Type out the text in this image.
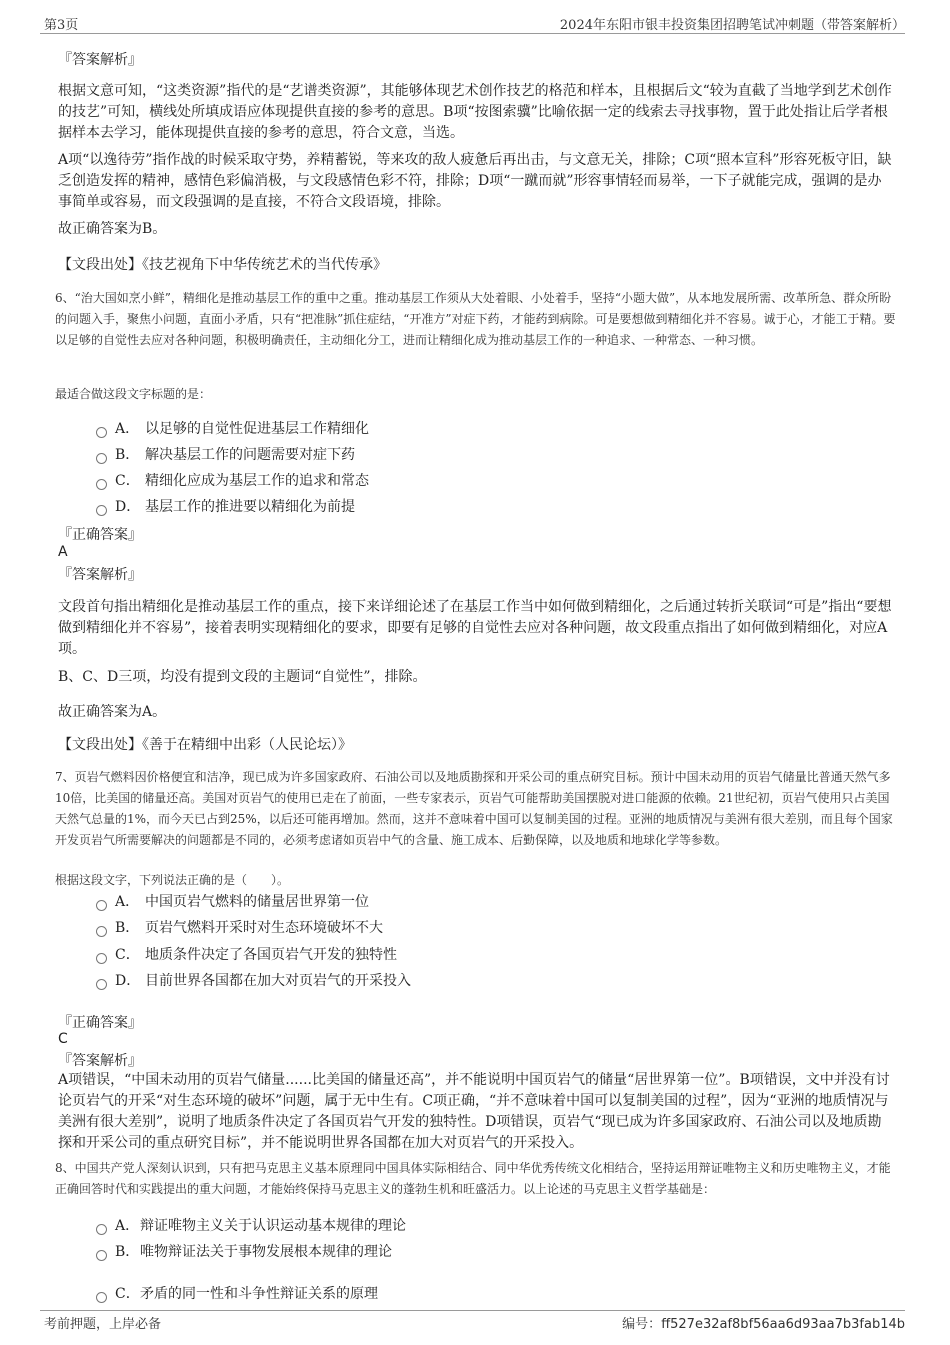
第3页	2024年东阳市银丰投资集团招聘笔试冲刺题（带答案解析）
『答案解析』
根据文意可知，“这类资源”指代的是“艺谱类资源”，其能够体现艺术创作技艺的格范和样本，且根据后文“较为直截了当地学到艺术创作的技艺”可知，横线处所填成语应体现提供直接的参考的意思。B项“按图索骥”比喻依据一定的线索去寻找事物，置于此处指让后学者根据样本去学习，能体现提供直接的参考的意思，符合文意，当选。
A项“以逸待劳”指作战的时候采取守势，养精蓄锐，等来攻的敌人疲惫后再出击，与文意无关，排除；C项“照本宣科”形容死板守旧，缺乏创造发挥的精神，感情色彩偏消极，与文段感情色彩不符，排除；D项“一蹴而就”形容事情轻而易举，一下子就能完成，强调的是办事简单或容易，而文段强调的是直接，不符合文段语境，排除。
故正确答案为B。
【文段出处】《技艺视角下中华传统艺术的当代传承》
6、“治大国如烹小鲜”，精细化是推动基层工作的重中之重。推动基层工作须从大处着眼、小处着手，坚持“小题大做”，从本地发展所需、改革所急、群众所盼的问题入手，聚焦小问题，直面小矛盾，只有“把准脉”抓住症结，“开准方”对症下药，才能药到病除。可是要想做到精细化并不容易。诚于心，才能工于精。要以足够的自觉性去应对各种问题，积极明确责任，主动细化分工，进而让精细化成为推动基层工作的一种追求、一种常态、一种习惯。
最适合做这段文字标题的是：
A． 以足够的自觉性促进基层工作精细化
B． 解决基层工作的问题需要对症下药
C． 精细化应成为基层工作的追求和常态
D． 基层工作的推进要以精细化为前提
『正确答案』
A
『答案解析』
文段首句指出精细化是推动基层工作的重点，接下来详细论述了在基层工作当中如何做到精细化，之后通过转折关联词“可是”指出“要想做到精细化并不容易”，接着表明实现精细化的要求，即要有足够的自觉性去应对各种问题，故文段重点指出了如何做到精细化，对应A项。
B、C、D三项，均没有提到文段的主题词“自觉性”，排除。
故正确答案为A。
【文段出处】《善于在精细中出彩（人民论坛）》
7、页岩气燃料因价格便宜和洁净，现已成为许多国家政府、石油公司以及地质勘探和开采公司的重点研究目标。预计中国未动用的页岩气储量比普通天然气多10倍，比美国的储量还高。美国对页岩气的使用已走在了前面，一些专家表示，页岩气可能帮助美国摆脱对进口能源的依赖。21世纪初，页岩气使用只占美国天然气总量的1%，而今天已占到25%，以后还可能再增加。然而，这并不意味着中国可以复制美国的过程。亚洲的地质情况与美洲有很大差别，而且每个国家开发页岩气所需要解决的问题都是不同的，必须考虑诸如页岩中气的含量、施工成本、后勤保障，以及地质和地球化学等参数。
根据这段文字，下列说法正确的是（　　）。
A． 中国页岩气燃料的储量居世界第一位
B． 页岩气燃料开采时对生态环境破坏不大
C． 地质条件决定了各国页岩气开发的独特性
D． 目前世界各国都在加大对页岩气的开采投入
『正确答案』
C
『答案解析』
A项错误，“中国未动用的页岩气储量......比美国的储量还高”，并不能说明中国页岩气的储量“居世界第一位”。B项错误，文中并没有讨论页岩气的开采“对生态环境的破坏”问题，属于无中生有。C项正确，“并不意味着中国可以复制美国的过程”，因为“亚洲的地质情况与美洲有很大差别”，说明了地质条件决定了各国页岩气开发的独特性。D项错误，页岩气“现已成为许多国家政府、石油公司以及地质勘探和开采公司的重点研究目标”，并不能说明世界各国都在加大对页岩气的开采投入。
8、中国共产党人深刻认识到，只有把马克思主义基本原理同中国具体实际相结合、同中华优秀传统文化相结合，坚持运用辩证唯物主义和历史唯物主义，才能正确回答时代和实践提出的重大问题，才能始终保持马克思主义的蓬勃生机和旺盛活力。以上论述的马克思主义哲学基础是：
A． 辩证唯物主义关于认识运动基本规律的理论
B． 唯物辩证法关于事物发展根本规律的理论
C． 矛盾的同一性和斗争性辩证关系的原理
考前押题，上岸必备	编号：ff527e32af8bf56aa6d93aa7b3fab14b
